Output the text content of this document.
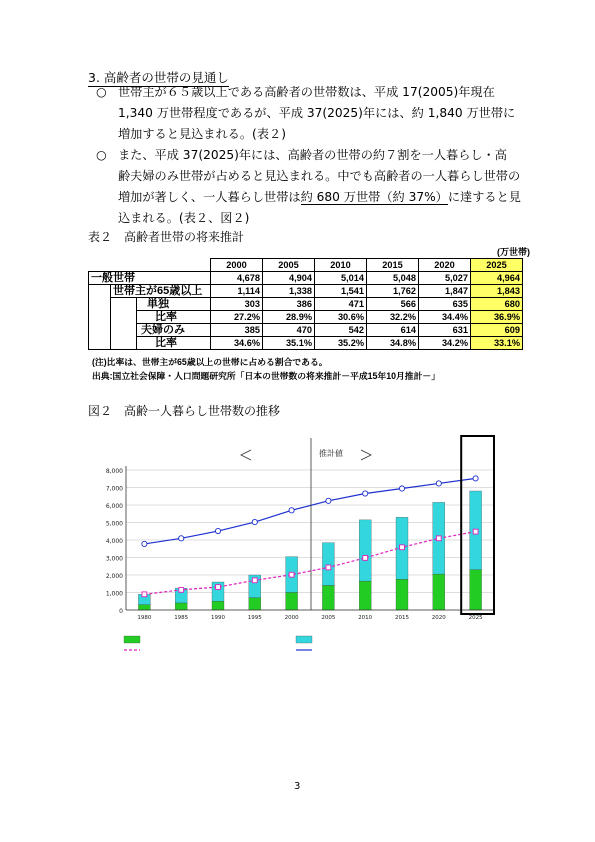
3. 高齢者の世帯の見通し
○ 世帯主が６５歳以上である高齢者の世帯数は、平成 17(2005)年現在
1,340 万世帯程度であるが、平成 37(2025)年には、約 1,840 万世帯に
増加すると見込まれる。(表２)
○ また、平成 37(2025)年には、高齢者の世帯の約７割を一人暮らし・高
齢夫婦のみ世帯が占めると見込まれる。中でも高齢者の一人暮らし世帯の
増加が著しく、一人暮らし世帯は約 680 万世帯（約 37%）に達すると見
込まれる。(表２、図２)
表２　高齢者世帯の将来推計
(万世帯)
			2000	2005	2010	2015	2020	2025
一般世帯			4,678	4,904	5,014	5,048	5,027	4,964
	世帯主が65歳以上		1,114	1,338	1,541	1,762	1,847	1,843
		単独	303	386	471	566	635	680
		比率	27.2%	28.9%	30.6%	32.2%	34.4%	36.9%
		夫婦のみ	385	470	542	614	631	609
		比率	34.6%	35.1%	35.2%	34.8%	34.2%	33.1%
(注)比率は、世帯主が65歳以上の世帯に占める割合である。
出典:国立社会保障・人口問題研究所「日本の世帯数の将来推計－平成15年10月推計－」
図２　高齢一人暮らし世帯数の推移
8,000
7,000
6,000
5,000
4,000
3,000
2,000
1,000
0
推計値
1980	1985	1990	1995	2000	2005	2010	2015	2020	2025
3
